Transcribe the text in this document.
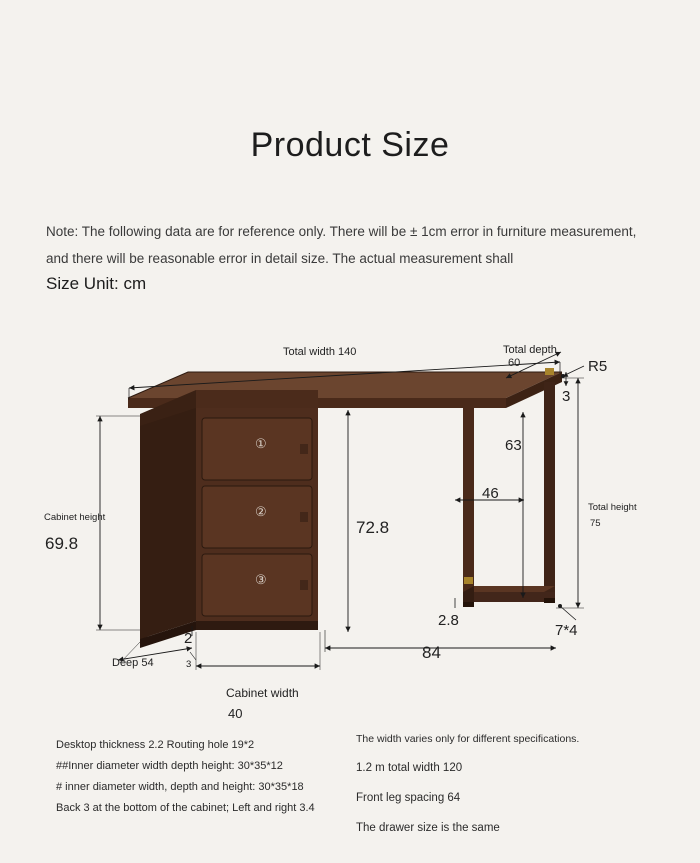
Product Size
Note: The following data are for reference only. There will be ± 1cm error in furniture measurement, and there will be reasonable error in detail size. The actual measurement shall
Size Unit: cm
Total width 140	Total depth
60	R5
3
63
46
Total height
75
Cabinet height
69.8
72.8
2.8
7*4
84
2
Deep 54	3
Cabinet width
40
①
②
③
Desktop thickness 2.2 Routing hole 19*2
##Inner diameter width depth height: 30*35*12
# inner diameter width, depth and height: 30*35*18
Back 3 at the bottom of the cabinet; Left and right 3.4
The width varies only for different specifications.
1.2 m total width 120
Front leg spacing 64
The drawer size is the same
